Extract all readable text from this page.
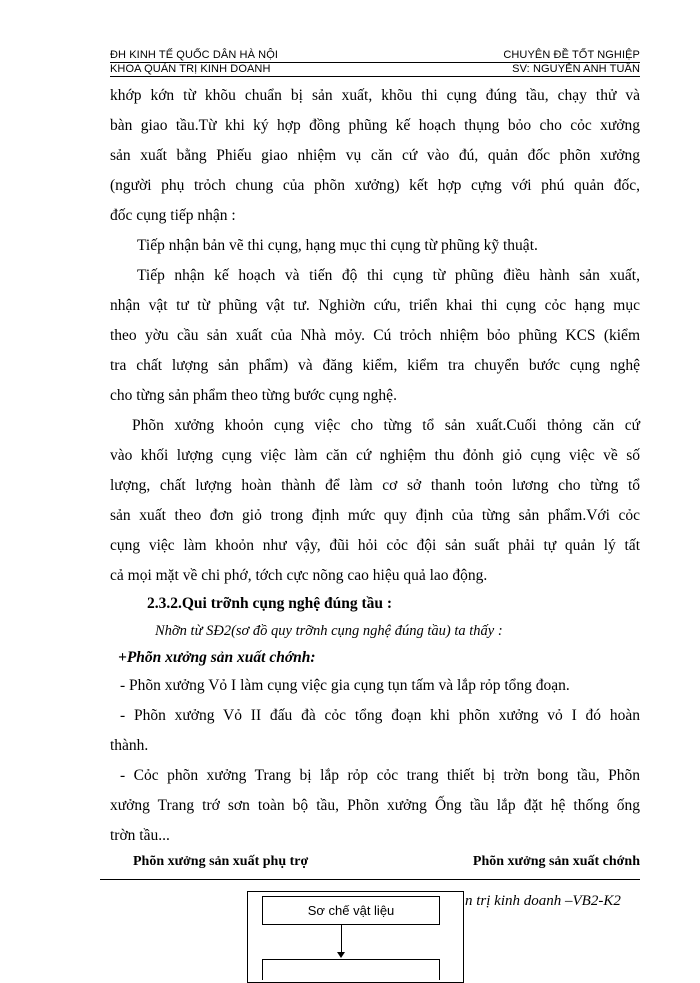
ĐH KINH TẾ QUỐC DÂN HÀ NỘI	CHUYÊN ĐỀ TỐT NGHIỆP
KHOA QUẢN TRỊ KINH DOANH	SV: NGUYỄN ANH TUẤN
khớp kớn từ khõu chuẩn bị sản xuất, khõu thi cụng đúng tầu, chạy thử và
bàn giao tầu.Từ khi ký hợp đồng phũng kế hoạch thụng bỏo cho cỏc xưởng
sản xuất bằng Phiếu giao nhiệm vụ căn cứ vào đú, quản đốc phõn xưởng
(người phụ trỏch chung của phõn xưởng) kết hợp cựng với phú quản đốc,
đốc cụng tiếp nhận :
Tiếp nhận bản vẽ thi cụng, hạng mục thi cụng từ phũng kỹ thuật.
Tiếp nhận kế hoạch và tiến độ thi cụng từ phũng điều hành sản xuất,
nhận vật tư từ phũng vật tư. Nghiờn cứu, triển khai thi cụng cỏc hạng mục
theo yờu cầu sản xuất của Nhà mỏy. Cú trỏch nhiệm bỏo phũng KCS (kiểm
tra chất lượng sản phẩm) và đăng kiểm, kiểm tra chuyển bước cụng nghệ
cho từng sản phẩm theo từng bước cụng nghệ.
Phõn xưởng khoỏn cụng việc cho từng tổ sản xuất.Cuối thỏng căn cứ
vào khối lượng cụng việc làm căn cứ nghiệm thu đỏnh giỏ cụng việc về số
lượng, chất lượng hoàn thành để làm cơ sở thanh toỏn lương cho từng tổ
sản xuất theo đơn giỏ trong định mức quy định của từng sản phẩm.Với cỏc
cụng việc làm khoỏn như vậy, đũi hỏi cỏc đội sản suất phải tự quản lý tất
cả mọi mặt về chi phớ, tớch cực nõng cao hiệu quả lao động.
2.3.2.Qui trỡnh cụng nghệ đúng tầu :
Nhỡn từ SĐ2(sơ đồ quy trỡnh cụng nghệ đúng tầu) ta thấy :
+Phõn xưởng sản xuất chớnh:
- Phõn xưởng Vỏ I làm cụng việc gia cụng tụn tấm và lắp rỏp tổng đoạn.
- Phõn xưởng Vỏ II đấu đà cỏc tổng đoạn khi phõn xưởng vỏ I đó hoàn
thành.
- Cỏc phõn xưởng Trang bị lắp rỏp cỏc trang thiết bị trờn bong tầu, Phõn
xưởng Trang trớ sơn toàn bộ tầu, Phõn xưởng Ống tầu lắp đặt hệ thống ống
trờn tầu...
Phõn xưởng sản xuất phụ trợ	Phõn xưởng sản xuất chớnh
n trị kinh doanh –VB2-K2
Sơ chế vật liệu
